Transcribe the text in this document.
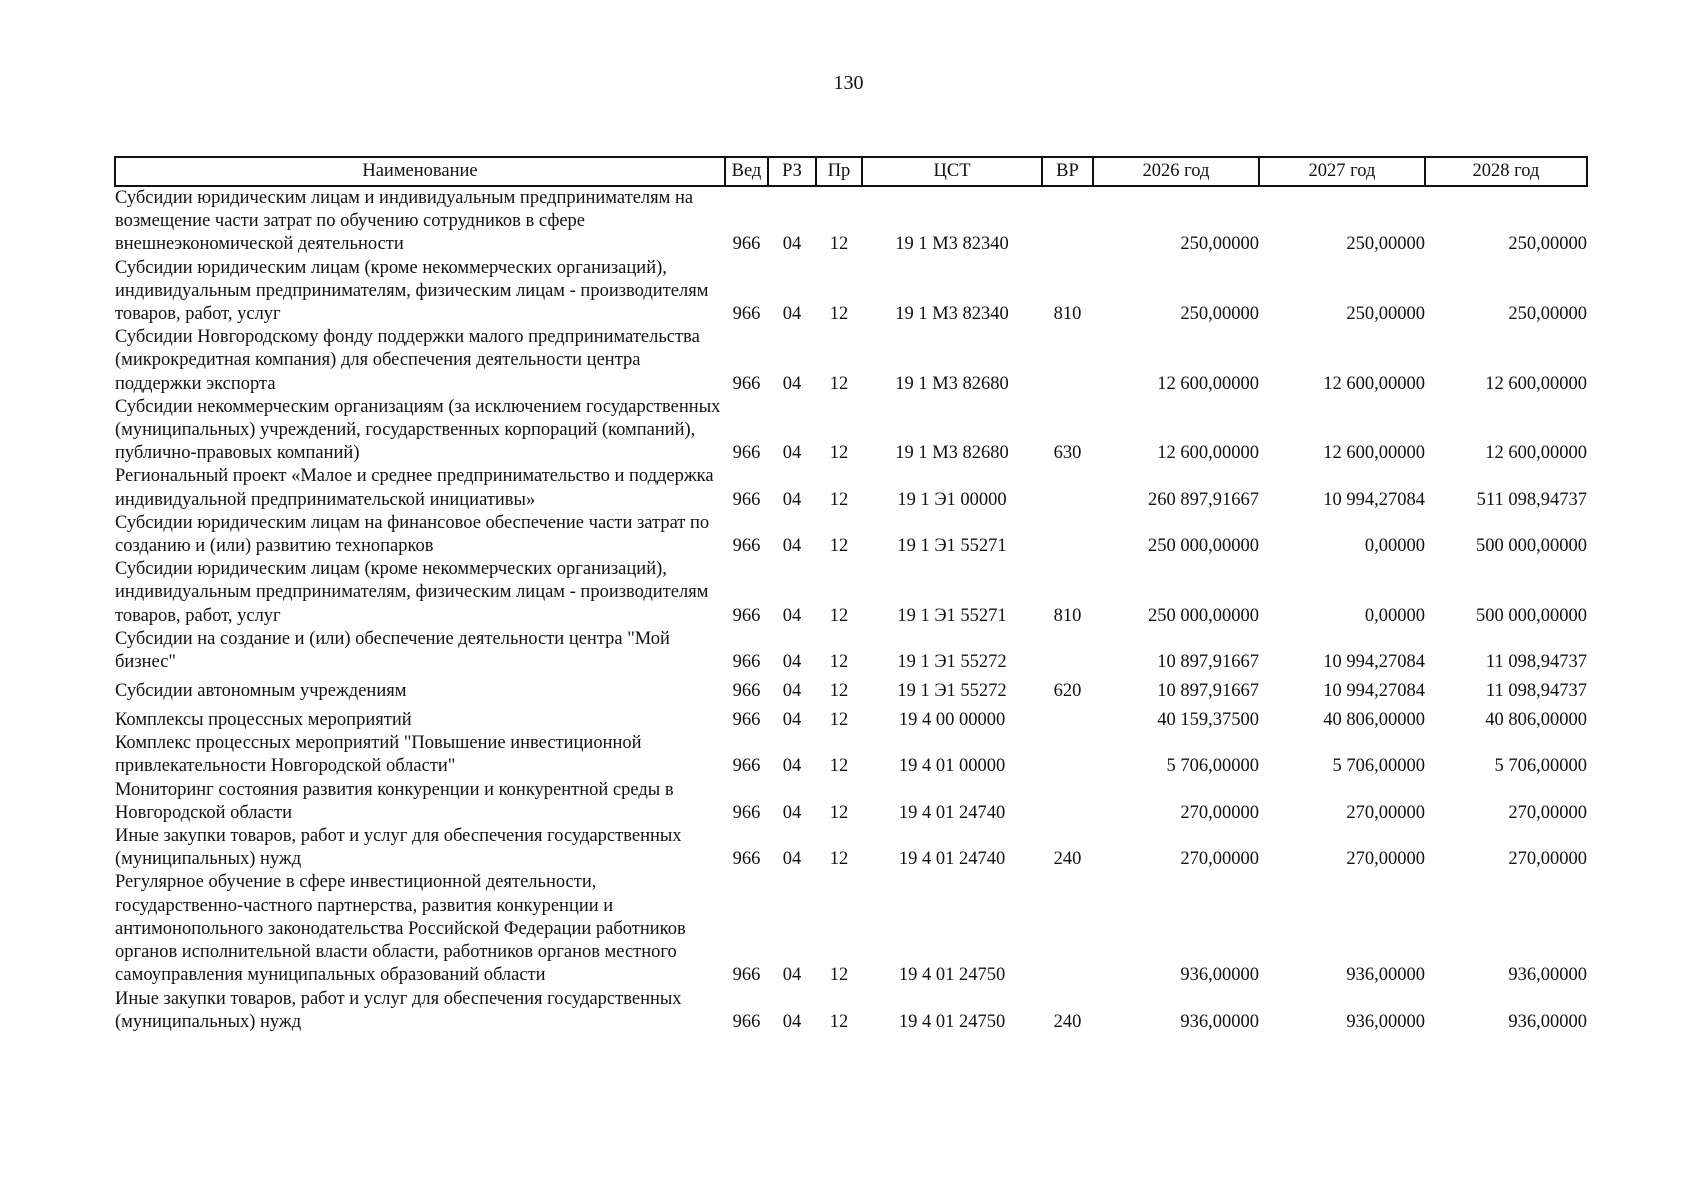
130
Наименование	Вед	РЗ	Пр	ЦСТ	ВР	2026 год	2027 год	2028 год
Субсидии юридическим лицам и индивидуальным предпринимателям на возмещение части затрат по обучению сотрудников в сфере внешнеэкономической деятельности	966	04	12	19 1 М3 82340		250,00000	250,00000	250,00000
Субсидии юридическим лицам (кроме некоммерческих организаций), индивидуальным предпринимателям, физическим лицам - производителям товаров, работ, услуг	966	04	12	19 1 М3 82340	810	250,00000	250,00000	250,00000
Субсидии Новгородскому фонду поддержки малого предпринимательства (микрокредитная компания) для обеспечения деятельности центра поддержки экспорта	966	04	12	19 1 М3 82680		12 600,00000	12 600,00000	12 600,00000
Субсидии некоммерческим организациям (за исключением государственных (муниципальных) учреждений, государственных корпораций (компаний), публично-правовых компаний)	966	04	12	19 1 М3 82680	630	12 600,00000	12 600,00000	12 600,00000
Региональный проект «Малое и среднее предпринимательство и поддержка индивидуальной предпринимательской инициативы»	966	04	12	19 1 Э1 00000		260 897,91667	10 994,27084	511 098,94737
Субсидии юридическим лицам на финансовое обеспечение части затрат по созданию и (или) развитию технопарков	966	04	12	19 1 Э1 55271		250 000,00000	0,00000	500 000,00000
Субсидии юридическим лицам (кроме некоммерческих организаций), индивидуальным предпринимателям, физическим лицам - производителям товаров, работ, услуг	966	04	12	19 1 Э1 55271	810	250 000,00000	0,00000	500 000,00000
Субсидии на создание и (или) обеспечение деятельности центра "Мой бизнес"	966	04	12	19 1 Э1 55272		10 897,91667	10 994,27084	11 098,94737
Субсидии автономным учреждениям	966	04	12	19 1 Э1 55272	620	10 897,91667	10 994,27084	11 098,94737
Комплексы процессных мероприятий	966	04	12	19 4 00 00000		40 159,37500	40 806,00000	40 806,00000
Комплекс процессных мероприятий "Повышение инвестиционной привлекательности Новгородской области"	966	04	12	19 4 01 00000		5 706,00000	5 706,00000	5 706,00000
Мониторинг состояния развития конкуренции и конкурентной среды в Новгородской области	966	04	12	19 4 01 24740		270,00000	270,00000	270,00000
Иные закупки товаров, работ и услуг для обеспечения государственных (муниципальных) нужд	966	04	12	19 4 01 24740	240	270,00000	270,00000	270,00000
Регулярное обучение в сфере инвестиционной деятельности, государственно-частного партнерства, развития конкуренции и антимонопольного законодательства Российской Федерации работников органов исполнительной власти области, работников органов местного самоуправления муниципальных образований области	966	04	12	19 4 01 24750		936,00000	936,00000	936,00000
Иные закупки товаров, работ и услуг для обеспечения государственных (муниципальных) нужд	966	04	12	19 4 01 24750	240	936,00000	936,00000	936,00000
